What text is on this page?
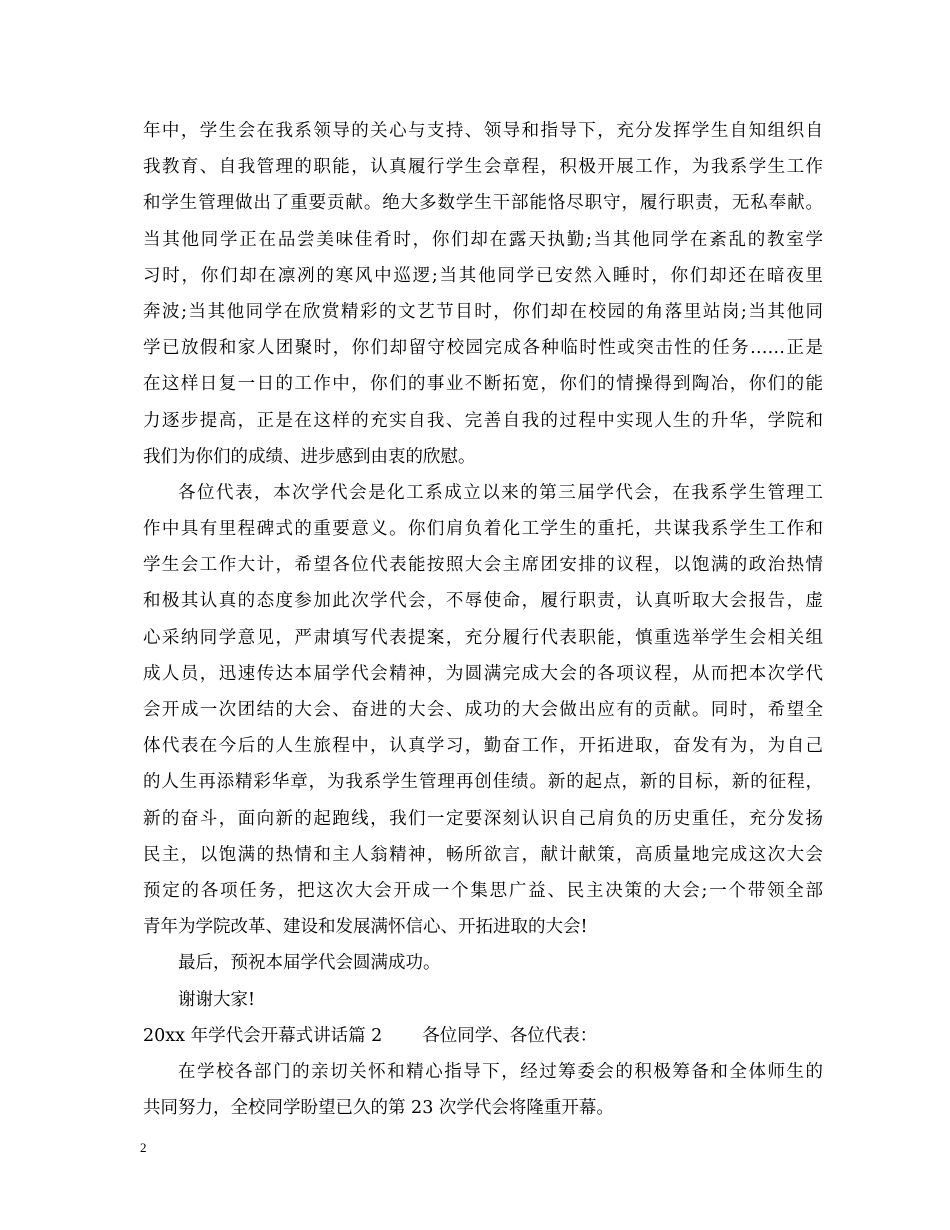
年中，学生会在我系领导的关心与支持、领导和指导下，充分发挥学生自知组织自
我教育、自我管理的职能，认真履行学生会章程，积极开展工作，为我系学生工作
和学生管理做出了重要贡献。绝大多数学生干部能恪尽职守，履行职责，无私奉献。
当其他同学正在品尝美味佳肴时，你们却在露天执勤;当其他同学在紊乱的教室学
习时，你们却在凛冽的寒风中巡逻;当其他同学已安然入睡时，你们却还在暗夜里
奔波;当其他同学在欣赏精彩的文艺节目时，你们却在校园的角落里站岗;当其他同
学已放假和家人团聚时，你们却留守校园完成各种临时性或突击性的任务……正是
在这样日复一日的工作中，你们的事业不断拓宽，你们的情操得到陶冶，你们的能
力逐步提高，正是在这样的充实自我、完善自我的过程中实现人生的升华，学院和
我们为你们的成绩、进步感到由衷的欣慰。
各位代表，本次学代会是化工系成立以来的第三届学代会，在我系学生管理工
作中具有里程碑式的重要意义。你们肩负着化工学生的重托，共谋我系学生工作和
学生会工作大计，希望各位代表能按照大会主席团安排的议程，以饱满的政治热情
和极其认真的态度参加此次学代会，不辱使命，履行职责，认真听取大会报告，虚
心采纳同学意见，严肃填写代表提案，充分履行代表职能，慎重选举学生会相关组
成人员，迅速传达本届学代会精神，为圆满完成大会的各项议程，从而把本次学代
会开成一次团结的大会、奋进的大会、成功的大会做出应有的贡献。同时，希望全
体代表在今后的人生旅程中，认真学习，勤奋工作，开拓进取，奋发有为，为自己
的人生再添精彩华章，为我系学生管理再创佳绩。新的起点，新的目标，新的征程，
新的奋斗，面向新的起跑线，我们一定要深刻认识自己肩负的历史重任，充分发扬
民主，以饱满的热情和主人翁精神，畅所欲言，献计献策，高质量地完成这次大会
预定的各项任务，把这次大会开成一个集思广益、民主决策的大会;一个带领全部
青年为学院改革、建设和发展满怀信心、开拓进取的大会!
最后，预祝本届学代会圆满成功。
谢谢大家!
20xx 年学代会开幕式讲话篇 2 各位同学、各位代表：
在学校各部门的亲切关怀和精心指导下，经过筹委会的积极筹备和全体师生的
共同努力，全校同学盼望已久的第 23 次学代会将隆重开幕。
2
